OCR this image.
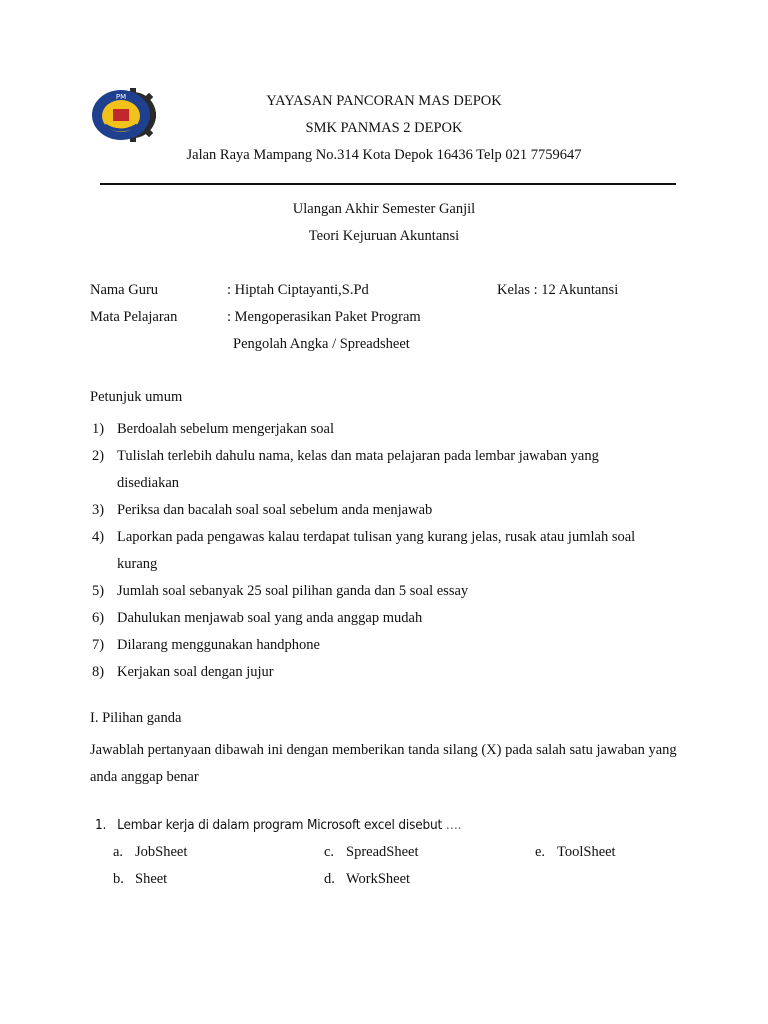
PM	YAYASAN PANCORAN MAS DEPOK
SMK PANMAS 2 DEPOK
Jalan Raya Mampang No.314 Kota Depok 16436 Telp 021 7759647
Ulangan Akhir Semester Ganjil
Teori Kejuruan Akuntansi
Nama Guru	: Hiptah Ciptayanti,S.Pd	Kelas : 12 Akuntansi
Mata Pelajaran	: Mengoperasikan Paket Program
Pengolah Angka / Spreadsheet
Petunjuk umum
1) Berdoalah sebelum mengerjakan soal
2) Tulislah terlebih dahulu nama, kelas dan mata pelajaran pada lembar jawaban yang
disediakan
3) Periksa dan bacalah soal soal sebelum anda menjawab
4) Laporkan pada pengawas kalau terdapat tulisan yang kurang jelas, rusak atau jumlah soal
kurang
5) Jumlah soal sebanyak 25 soal pilihan ganda dan 5 soal essay
6) Dahulukan menjawab soal yang anda anggap mudah
7) Dilarang menggunakan handphone
8) Kerjakan soal dengan jujur
I. Pilihan ganda
Jawablah pertanyaan dibawah ini dengan memberikan tanda silang (X) pada salah satu jawaban yang anda anggap benar
1. Lembar kerja di dalam program Microsoft excel disebut ….
a. JobSheet
b. Sheet
c. SpreadSheet
d. WorkSheet
e. ToolSheet
